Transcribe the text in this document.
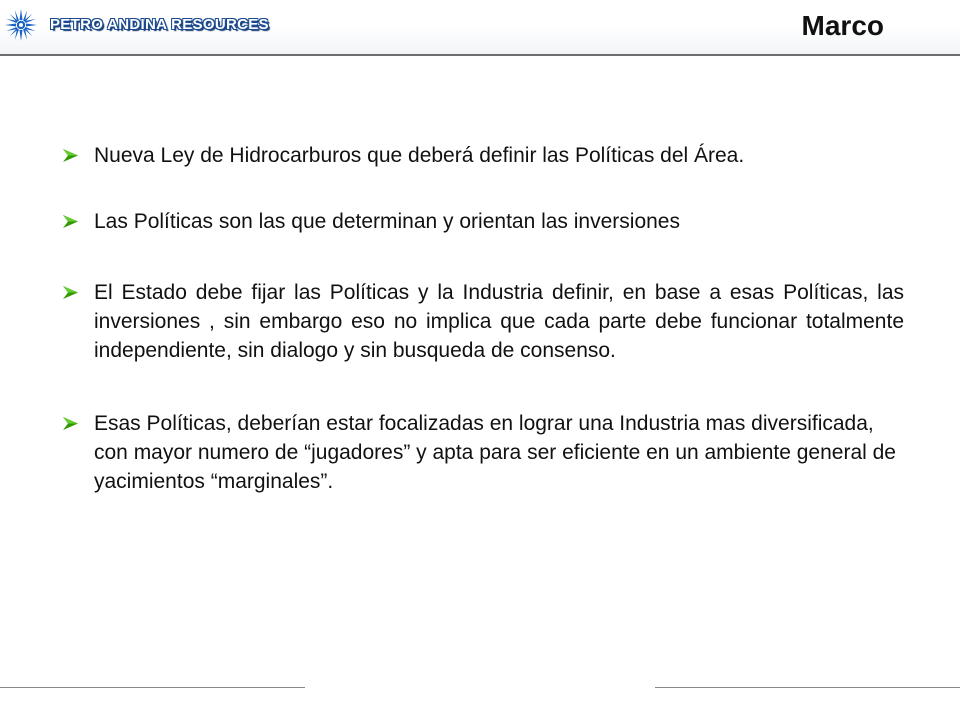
PETRO ANDINA RESOURCES	Marco
Nueva Ley de Hidrocarburos que deberá definir las Políticas del Área.
Las Políticas son las que determinan y orientan las inversiones
El Estado debe fijar las Políticas y la Industria definir, en base a esas Políticas, las inversiones , sin embargo eso no implica que cada parte debe funcionar totalmente independiente, sin dialogo y sin busqueda de consenso.
Esas Políticas, deberían estar focalizadas en lograr una Industria mas diversificada, con mayor numero de “jugadores” y apta para ser eficiente en un ambiente general de yacimientos “marginales”.
